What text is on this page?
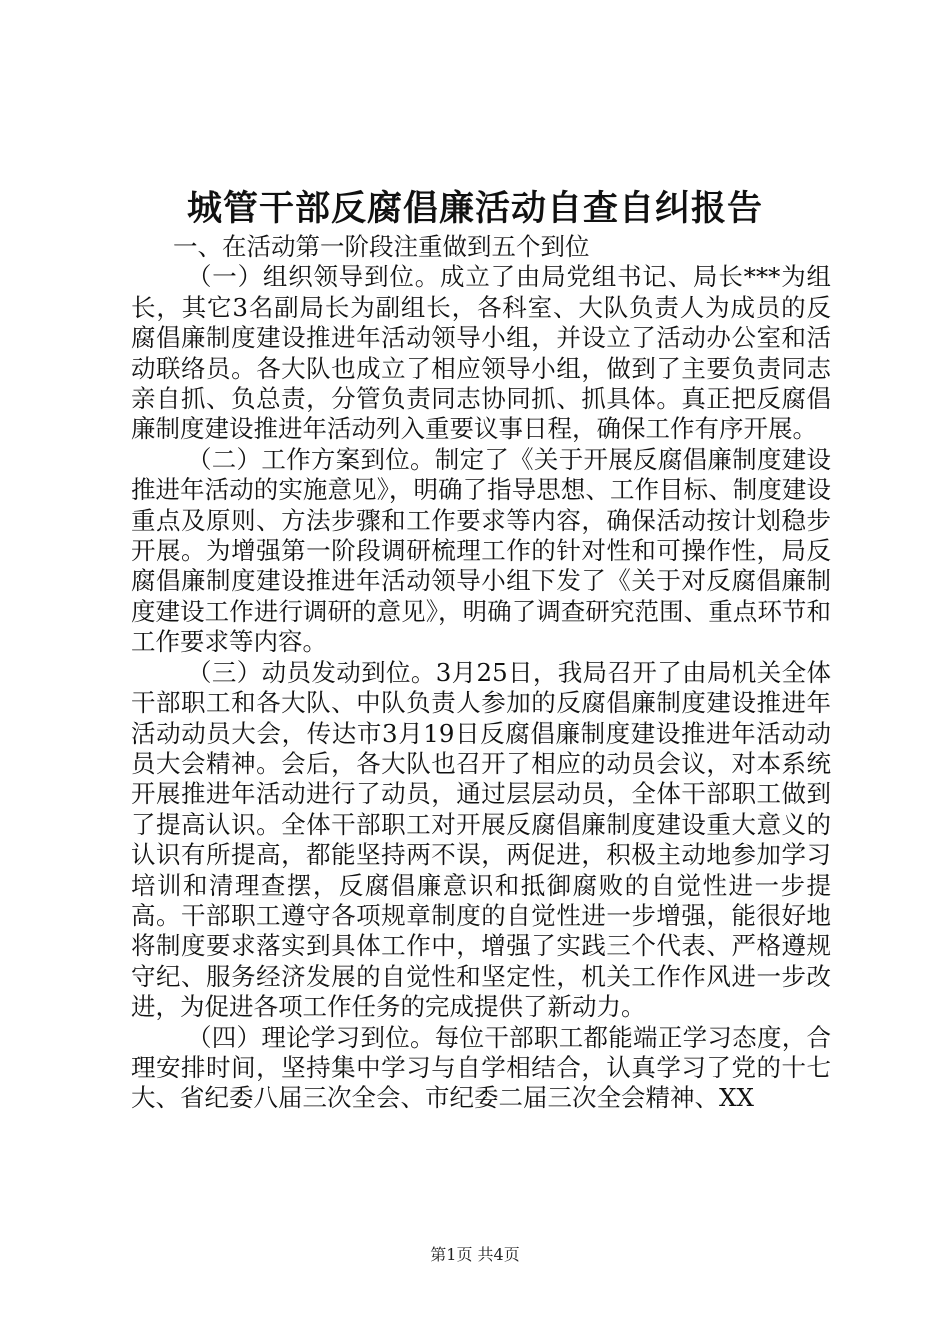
城管干部反腐倡廉活动自查自纠报告

一、在活动第一阶段注重做到五个到位

（一）组织领导到位。成立了由局党组书记、局长***为组长，其它3名副局长为副组长，各科室、大队负责人为成员的反腐倡廉制度建设推进年活动领导小组，并设立了活动办公室和活动联络员。各大队也成立了相应领导小组，做到了主要负责同志亲自抓、负总责，分管负责同志协同抓、抓具体。真正把反腐倡廉制度建设推进年活动列入重要议事日程，确保工作有序开展。

（二）工作方案到位。制定了《关于开展反腐倡廉制度建设推进年活动的实施意见》，明确了指导思想、工作目标、制度建设重点及原则、方法步骤和工作要求等内容，确保活动按计划稳步开展。为增强第一阶段调研梳理工作的针对性和可操作性，局反腐倡廉制度建设推进年活动领导小组下发了《关于对反腐倡廉制度建设工作进行调研的意见》，明确了调查研究范围、重点环节和工作要求等内容。

（三）动员发动到位。3月25日，我局召开了由局机关全体干部职工和各大队、中队负责人参加的反腐倡廉制度建设推进年活动动员大会，传达市3月19日反腐倡廉制度建设推进年活动动员大会精神。会后，各大队也召开了相应的动员会议，对本系统开展推进年活动进行了动员，通过层层动员，全体干部职工做到了提高认识。全体干部职工对开展反腐倡廉制度建设重大意义的认识有所提高，都能坚持两不误，两促进，积极主动地参加学习培训和清理查摆，反腐倡廉意识和抵御腐败的自觉性进一步提高。干部职工遵守各项规章制度的自觉性进一步增强，能很好地将制度要求落实到具体工作中，增强了实践三个代表、严格遵规守纪、服务经济发展的自觉性和坚定性，机关工作作风进一步改进，为促进各项工作任务的完成提供了新动力。

（四）理论学习到位。每位干部职工都能端正学习态度，合理安排时间，坚持集中学习与自学相结合，认真学习了党的十七大、省纪委八届三次全会、市纪委二届三次全会精神、XX

第1页 共4页
